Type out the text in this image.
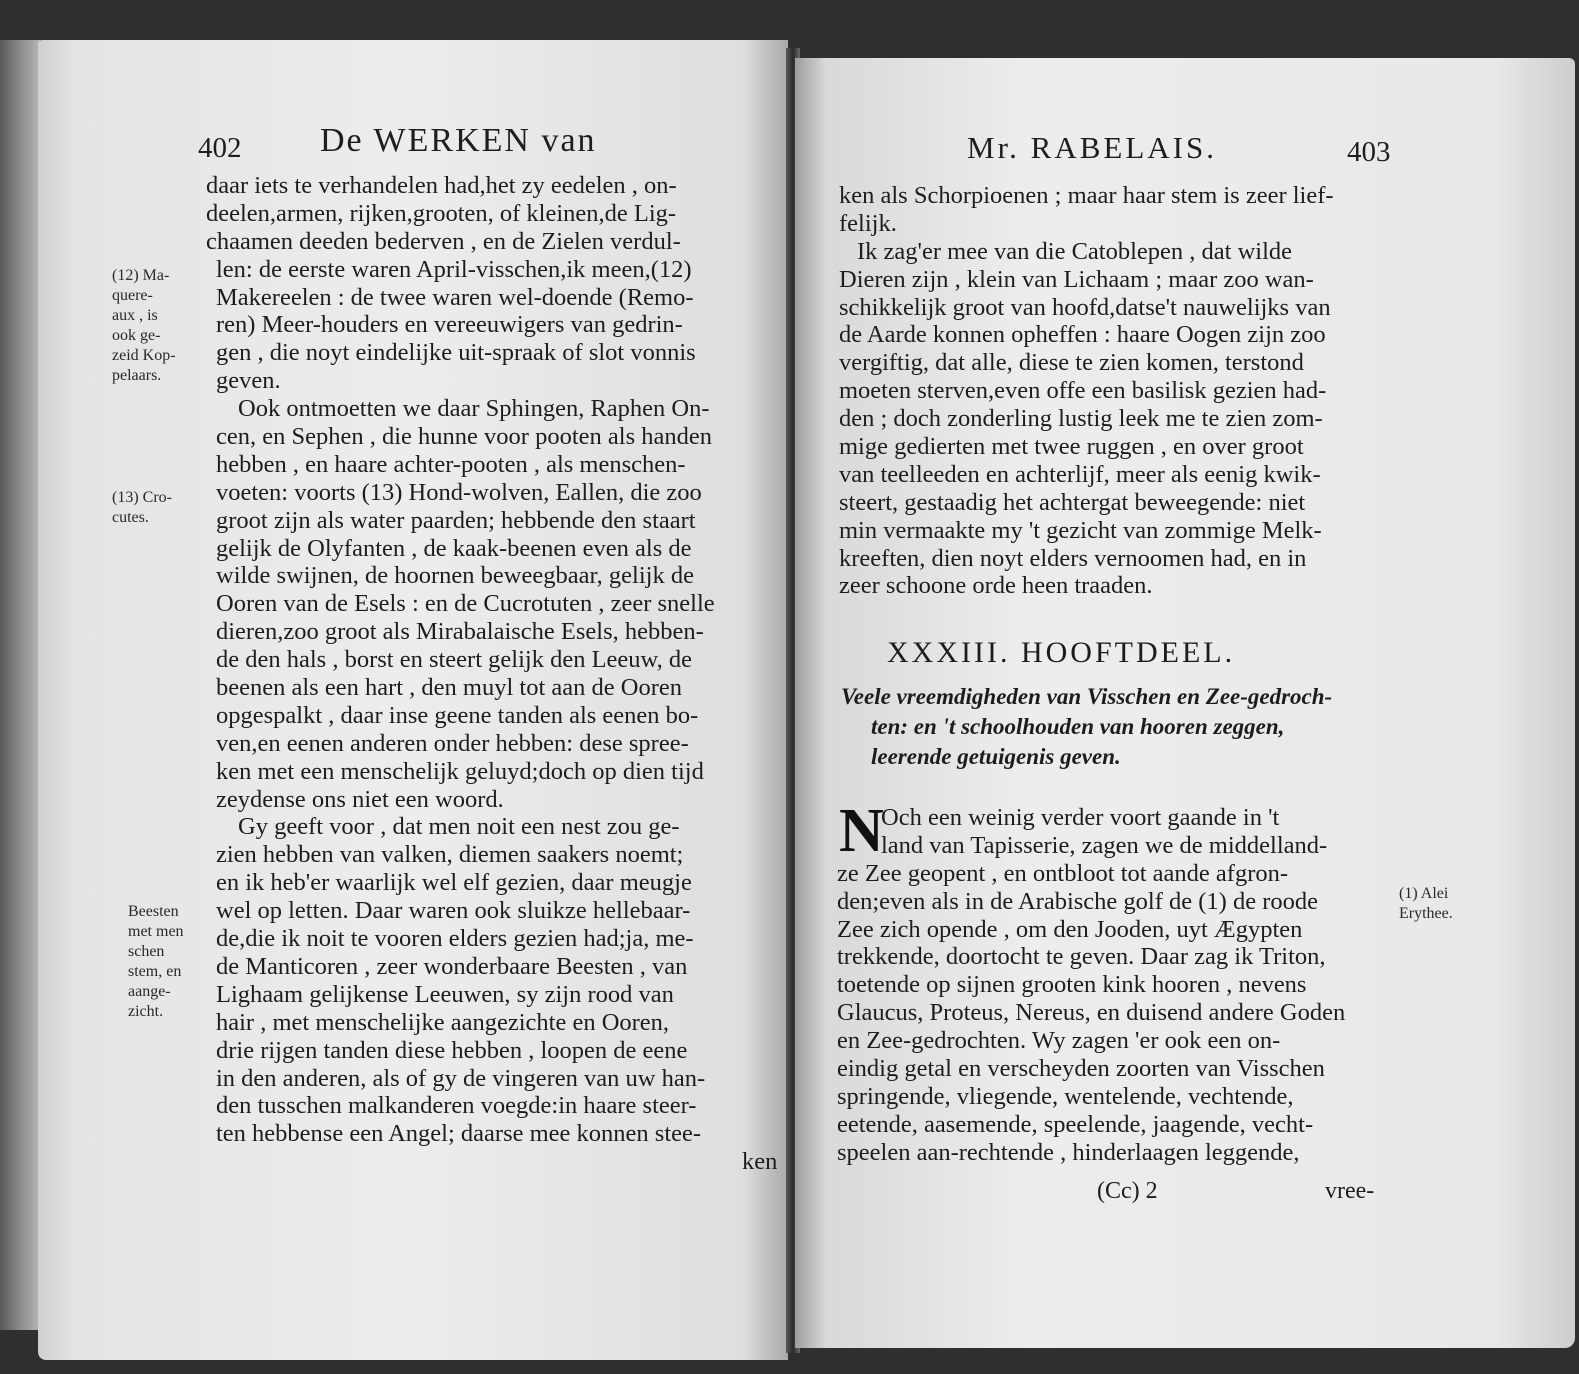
402 De WERKEN van
(12) Ma-
quere-
aux , is
ook ge-
zeid Kop-
pelaars.
(13) Cro-
cutes.
Beesten
met men
schen
stem, en
aange-
zicht.
daar iets te verhandelen had,het zy eedelen , on-
deelen,armen, rijken,grooten, of kleinen,de Lig-
chaamen deeden bederven , en de Zielen verdul-
len: de eerste waren April-visschen,ik meen,(12)
Makereelen : de twee waren wel-doende (Remo-
ren) Meer-houders en vereeuwigers van gedrin-
gen , die noyt eindelijke uit-spraak of slot vonnis
geven.
Ook ontmoetten we daar Sphingen, Raphen On-
cen, en Sephen , die hunne voor pooten als handen
hebben , en haare achter-pooten , als menschen-
voeten: voorts (13) Hond-wolven, Eallen, die zoo
groot zijn als water paarden; hebbende den staart
gelijk de Olyfanten , de kaak-beenen even als de
wilde swijnen, de hoornen beweegbaar, gelijk de
Ooren van de Esels : en de Cucrotuten , zeer snelle
dieren,zoo groot als Mirabalaische Esels, hebben-
de den hals , borst en steert gelijk den Leeuw, de
beenen als een hart , den muyl tot aan de Ooren
opgespalkt , daar inse geene tanden als eenen bo-
ven,en eenen anderen onder hebben: dese spree-
ken met een menschelijk geluyd;doch op dien tijd
zeydense ons niet een woord.
Gy geeft voor , dat men noit een nest zou ge-
zien hebben van valken, diemen saakers noemt;
en ik heb'er waarlijk wel elf gezien, daar meugje
wel op letten. Daar waren ook sluikze hellebaar-
de,die ik noit te vooren elders gezien had;ja, me-
de Manticoren , zeer wonderbaare Beesten , van
Lighaam gelijkense Leeuwen, sy zijn rood van
hair , met menschelijke aangezichte en Ooren,
drie rijgen tanden diese hebben , loopen de eene
in den anderen, als of gy de vingeren van uw han-
den tusschen malkanderen voegde:in haare steer-
ten hebbense een Angel; daarse mee konnen stee-
ken
Mr. RABELAIS.	403
ken als Schorpioenen ; maar haar stem is zeer lief-
felijk.
Ik zag'er mee van die Catoblepen , dat wilde
Dieren zijn , klein van Lichaam ; maar zoo wan-
schikkelijk groot van hoofd,datse't nauwelijks van
de Aarde konnen opheffen : haare Oogen zijn zoo
vergiftig, dat alle, diese te zien komen, terstond
moeten sterven,even offe een basilisk gezien had-
den ; doch zonderling lustig leek me te zien zom-
mige gedierten met twee ruggen , en over groot
van teelleeden en achterlijf, meer als eenig kwik-
steert, gestaadig het achtergat beweegende: niet
min vermaakte my 't gezicht van zommige Melk-
kreeften, dien noyt elders vernoomen had, en in
zeer schoone orde heen traaden.
XXXIII. HOOFTDEEL.
Veele vreemdigheden van Visschen en Zee-gedroch-
ten: en 't schoolhouden van hooren zeggen,
leerende getuigenis geven.
N
(1) Alei
Erythee.
Och een weinig verder voort gaande in 't
land van Tapisserie, zagen we de middelland-
ze Zee geopent , en ontbloot tot aande afgron-
den;even als in de Arabische golf de (1) de roode
Zee zich opende , om den Jooden, uyt Ægypten
trekkende, doortocht te geven. Daar zag ik Triton,
toetende op sijnen grooten kink hooren , nevens
Glaucus, Proteus, Nereus, en duisend andere Goden
en Zee-gedrochten. Wy zagen 'er ook een on-
eindig getal en verscheyden zoorten van Visschen
springende, vliegende, wentelende, vechtende,
eetende, aasemende, speelende, jaagende, vecht-
speelen aan-rechtende , hinderlaagen leggende,
(Cc) 2	vree-
